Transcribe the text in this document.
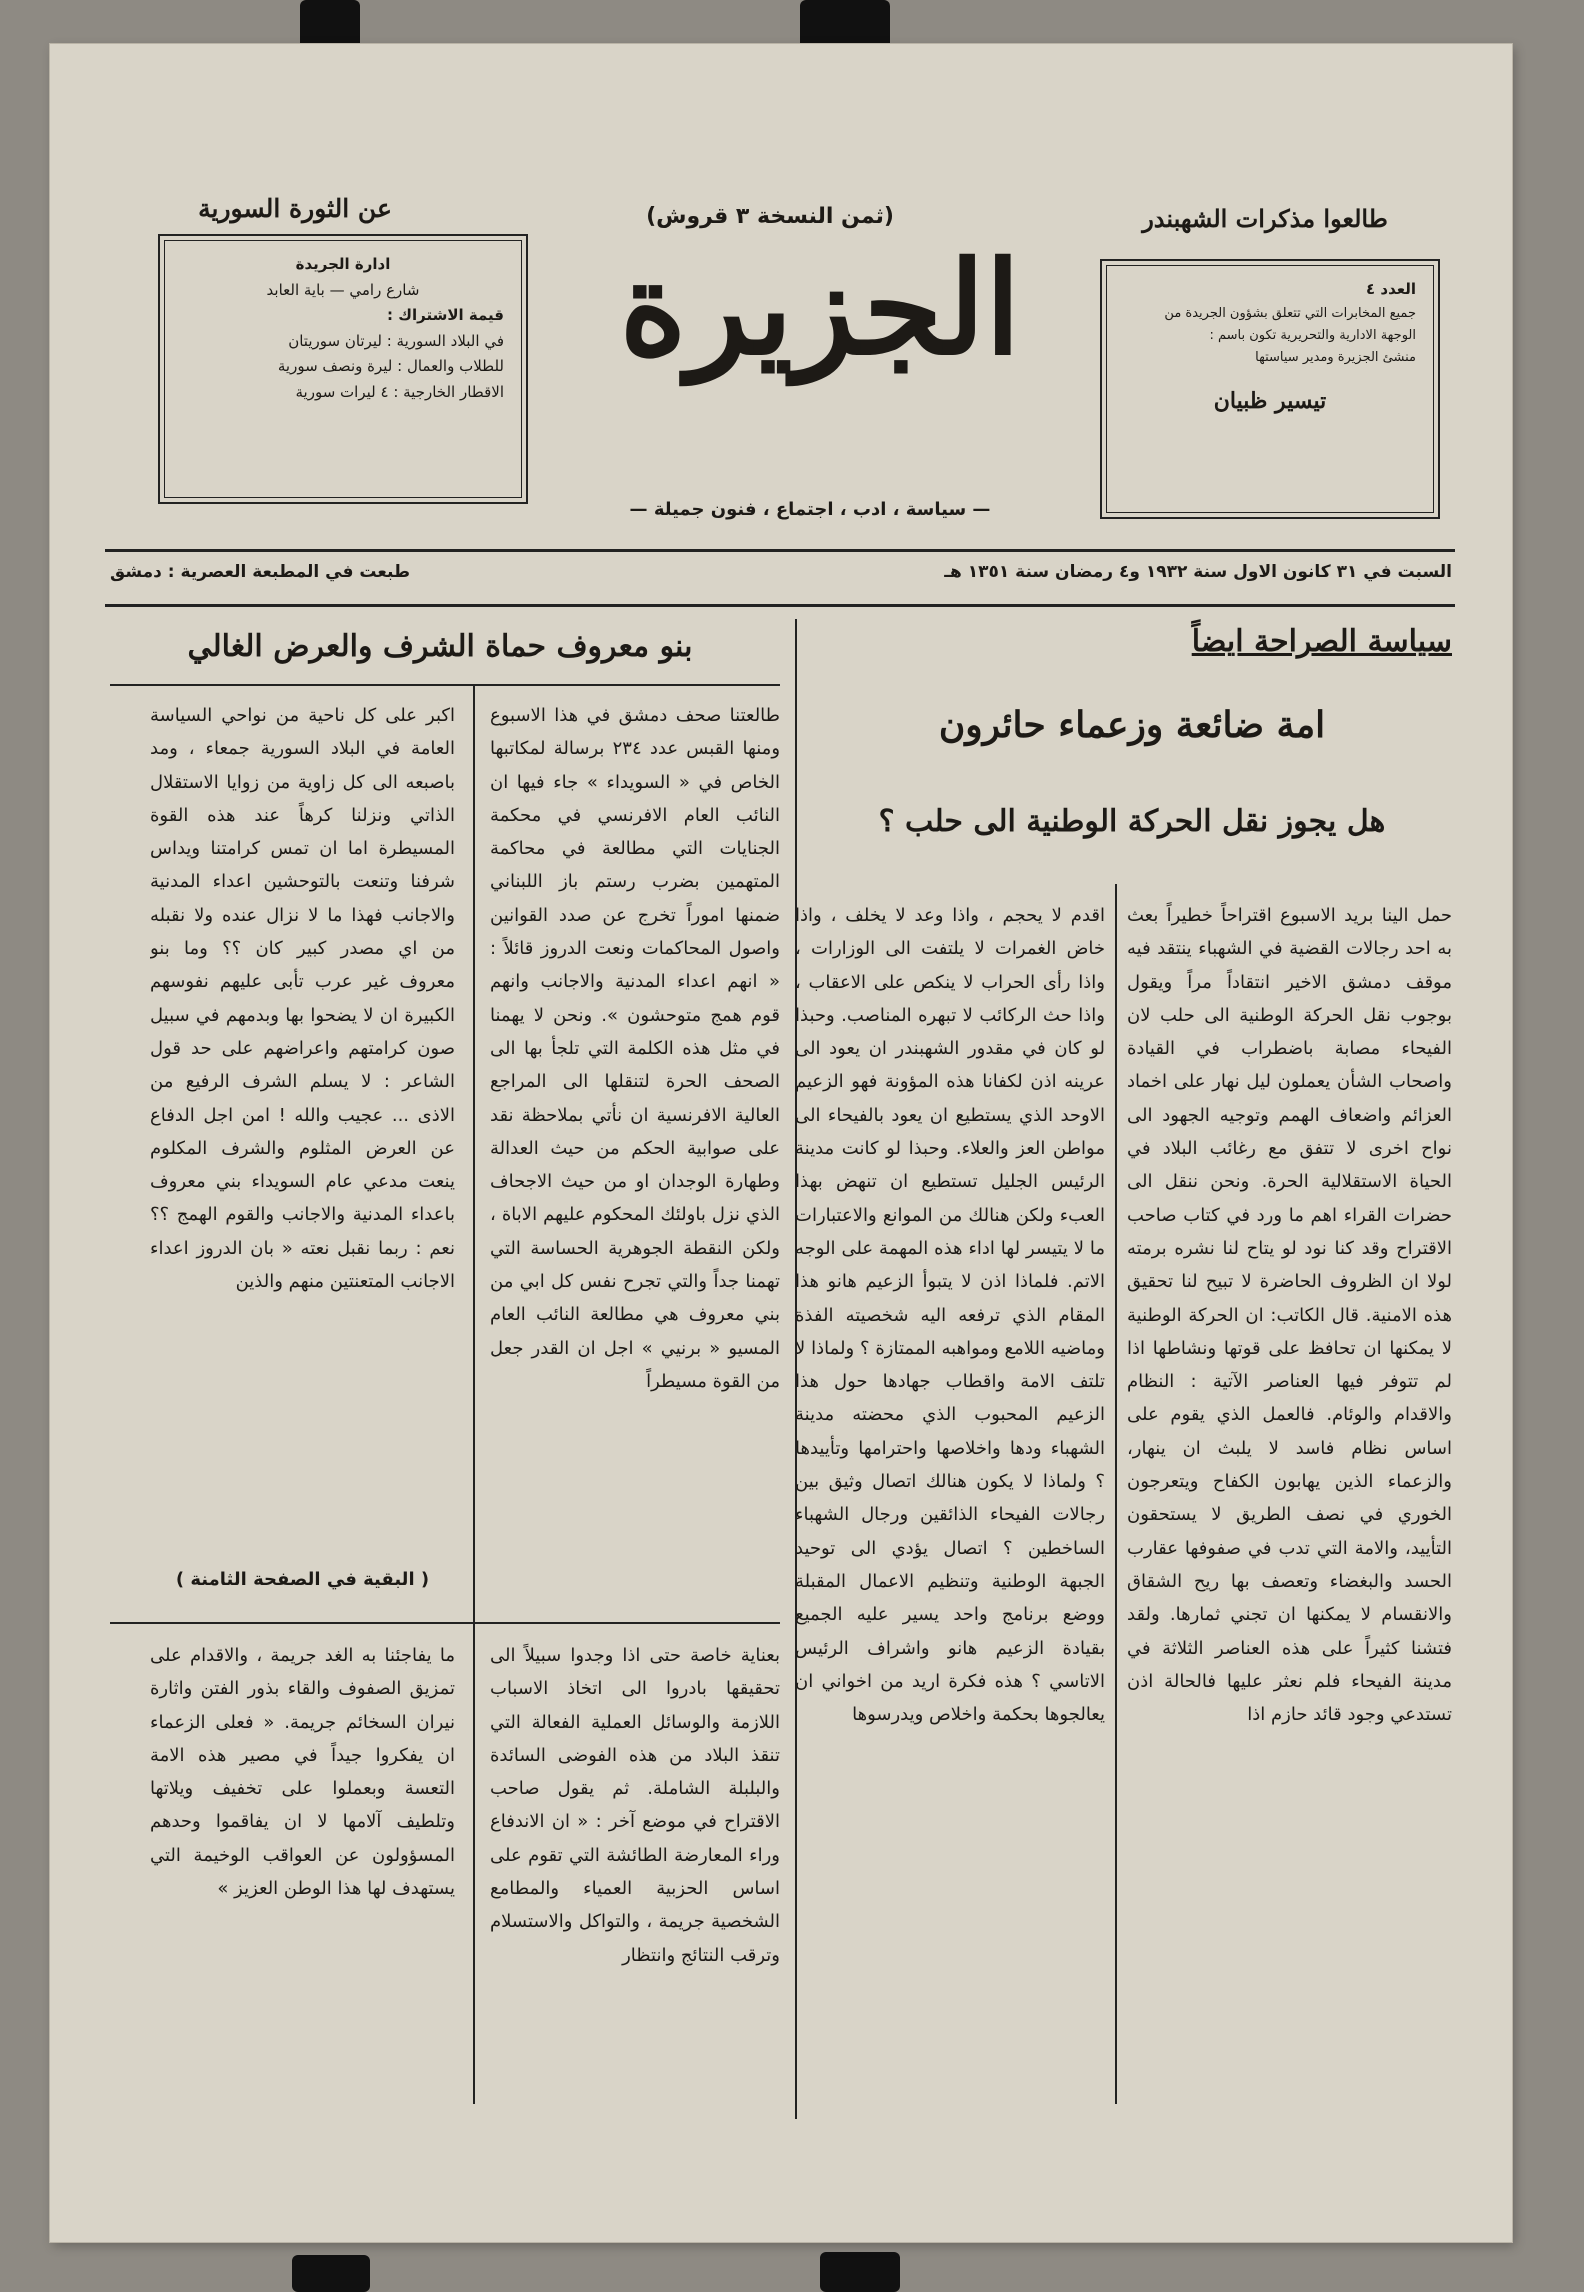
(ثمن النسخة ٣ قروش)
عن الثورة السورية	طالعوا مذكرات الشهبندر
الجزيرة
— سياسة ، ادب ، اجتماع ، فنون جميلة —
ادارة الجريدة
شارع رامي — باية العابد
قيمة الاشتراك :
في البلاد السورية : ليرتان سوريتان
للطلاب والعمال : ليرة ونصف سورية
الاقطار الخارجية : ٤ ليرات سورية
العدد ٤
جميع المخابرات التي تتعلق بشؤون الجريدة من
الوجهة الادارية والتحريرية تكون باسم :
منشئ الجزيرة ومدير سياستها
تيسير ظبيان
السبت في ٣١ كانون الاول سنة ١٩٣٢ و٤ رمضان سنة ١٣٥١ هـ
طبعت في المطبعة العصرية : دمشق
سياسة الصراحة ايضاً
امة ضائعة وزعماء حائرون
هل يجوز نقل الحركة الوطنية الى حلب ؟
حمل الينا بريد الاسبوع اقتراحاً خطيراً بعث به احد رجالات القضية في الشهباء ينتقد فيه موقف دمشق الاخير انتقاداً مراً ويقول بوجوب نقل الحركة الوطنية الى حلب لان الفيحاء مصابة باضطراب في القيادة واصحاب الشأن يعملون ليل نهار على اخماد العزائم واضعاف الهمم وتوجيه الجهود الى نواح اخرى لا تتفق مع رغائب البلاد في الحياة الاستقلالية الحرة. ونحن ننقل الى حضرات القراء اهم ما ورد في كتاب صاحب الاقتراح وقد كنا نود لو يتاح لنا نشره برمته لولا ان الظروف الحاضرة لا تبيح لنا تحقيق هذه الامنية. قال الكاتب: ان الحركة الوطنية لا يمكنها ان تحافظ على قوتها ونشاطها اذا لم تتوفر فيها العناصر الآتية : النظام والاقدام والوئام. فالعمل الذي يقوم على اساس نظام فاسد لا يلبث ان ينهار، والزعماء الذين يهابون الكفاح ويتعرجون الخوري في نصف الطريق لا يستحقون التأييد، والامة التي تدب في صفوفها عقارب الحسد والبغضاء وتعصف بها ريح الشقاق والانقسام لا يمكنها ان تجني ثمارها. ولقد فتشنا كثيراً على هذه العناصر الثلاثة في مدينة الفيحاء فلم نعثر عليها فالحالة اذن تستدعي وجود قائد حازم اذا
اقدم لا يحجم ، واذا وعد لا يخلف ، واذا خاض الغمرات لا يلتفت الى الوزارات ، واذا رأى الحراب لا ينكص على الاعقاب ، واذا حث الركائب لا تبهره المناصب. وحبذا لو كان في مقدور الشهبندر ان يعود الى عرينه اذن لكفانا هذه المؤونة فهو الزعيم الاوحد الذي يستطيع ان يعود بالفيحاء الى مواطن العز والعلاء. وحبذا لو كانت مدينة الرئيس الجليل تستطيع ان تنهض بهذا العبء ولكن هنالك من الموانع والاعتبارات ما لا يتيسر لها اداء هذه المهمة على الوجه الاتم. فلماذا اذن لا يتبوأ الزعيم هانو هذا المقام الذي ترفعه اليه شخصيته الفذة وماضيه اللامع ومواهبه الممتازة ؟ ولماذا لا تلتف الامة واقطاب جهادها حول هذا الزعيم المحبوب الذي محضته مدينة الشهباء ودها واخلاصها واحترامها وتأييدها ؟ ولماذا لا يكون هنالك اتصال وثيق بين رجالات الفيحاء الذائقين ورجال الشهباء الساخطين ؟ اتصال يؤدي الى توحيد الجبهة الوطنية وتنظيم الاعمال المقبلة ووضع برنامج واحد يسير عليه الجميع بقيادة الزعيم هانو واشراف الرئيس الاتاسي ؟ هذه فكرة اريد من اخواني ان يعالجوها بحكمة واخلاص ويدرسوها
بنو معروف حماة الشرف والعرض الغالي
طالعتنا صحف دمشق في هذا الاسبوع ومنها القبس عدد ٢٣٤ برسالة لمكاتبها الخاص في « السويداء » جاء فيها ان النائب العام الافرنسي في محكمة الجنايات التي مطالعة في محاكمة المتهمين بضرب رستم باز اللبناني ضمنها اموراً تخرج عن صدد القوانين واصول المحاكمات ونعت الدروز قائلاً : « انهم اعداء المدنية والاجانب وانهم قوم همج متوحشون ». ونحن لا يهمنا في مثل هذه الكلمة التي تلجأ بها الى الصحف الحرة لتنقلها الى المراجع العالية الافرنسية ان نأتي بملاحظة نقد على صوابية الحكم من حيث العدالة وطهارة الوجدان او من حيث الاجحاف الذي نزل باولئك المحكوم عليهم الاباة ، ولكن النقطة الجوهرية الحساسة التي تهمنا جداً والتي تجرح نفس كل ابي من بني معروف هي مطالعة النائب العام المسيو « برنيي » اجل ان القدر جعل من القوة مسيطراً
اكبر على كل ناحية من نواحي السياسة العامة في البلاد السورية جمعاء ، ومد باصبعه الى كل زاوية من زوايا الاستقلال الذاتي ونزلنا كرهاً عند هذه القوة المسيطرة اما ان تمس كرامتنا ويداس شرفنا وتنعت بالتوحشين اعداء المدنية والاجانب فهذا ما لا نزال عنده ولا نقبله من اي مصدر كبير كان ؟؟ وما بنو معروف غير عرب تأبى عليهم نفوسهم الكبيرة ان لا يضحوا بها وبدمهم في سبيل صون كرامتهم واعراضهم على حد قول الشاعر : لا يسلم الشرف الرفيع من الاذى ... عجيب والله ! امن اجل الدفاع عن العرض المثلوم والشرف المكلوم ينعت مدعي عام السويداء بني معروف باعداء المدنية والاجانب والقوم الهمج ؟؟ نعم : ربما نقبل نعته « بان الدروز اعداء الاجانب المتعنتين منهم والذين
( البقية في الصفحة الثامنة )
بعناية خاصة حتى اذا وجدوا سبيلاً الى تحقيقها بادروا الى اتخاذ الاسباب اللازمة والوسائل العملية الفعالة التي تنقذ البلاد من هذه الفوضى السائدة والبلبلة الشاملة. ثم يقول صاحب الاقتراح في موضع آخر : « ان الاندفاع وراء المعارضة الطائشة التي تقوم على اساس الحزبية العمياء والمطامع الشخصية جريمة ، والتواكل والاستسلام وترقب النتائج وانتظار
ما يفاجئنا به الغد جريمة ، والاقدام على تمزيق الصفوف والقاء بذور الفتن واثارة نيران السخائم جريمة. « فعلى الزعماء ان يفكروا جيداً في مصير هذه الامة التعسة وبعملوا على تخفيف ويلاتها وتلطيف آلامها لا ان يفاقموا وحدهم المسؤولون عن العواقب الوخيمة التي يستهدف لها هذا الوطن العزيز »
